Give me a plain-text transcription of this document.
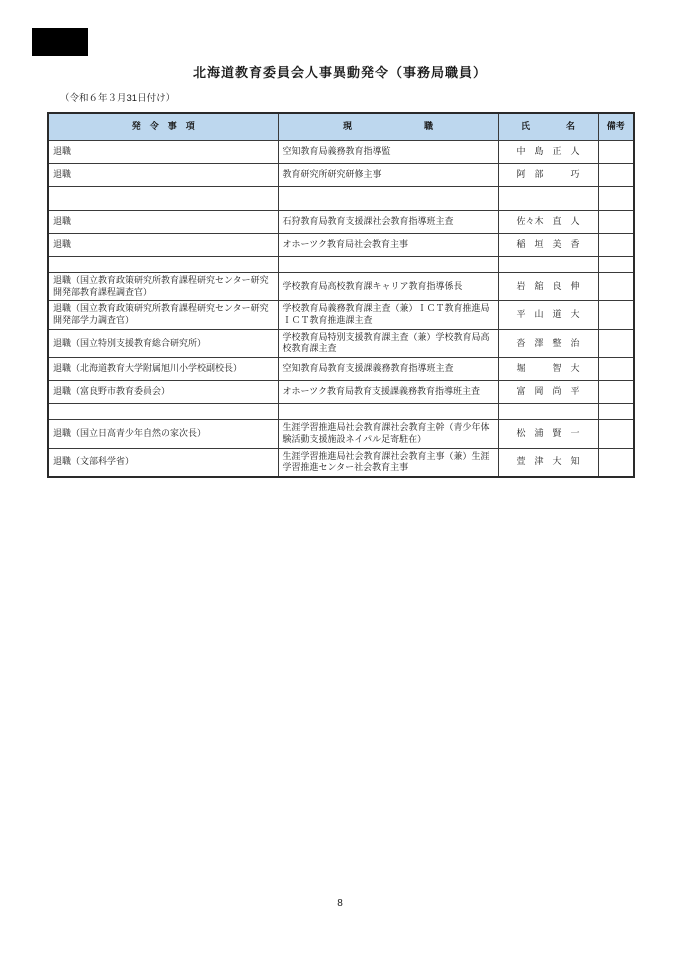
北海道教育委員会人事異動発令（事務局職員）
（令和６年３月31日付け）
発　令　事　項	現　　　　　　　　職	氏　　　　名	備考
退職	空知教育局義務教育指導監	中　島　正　人	
退職	教育研究所研究研修主事	阿　部　　　巧	

退職	石狩教育局教育支援課社会教育指導班主査	佐々木　直　人	
退職	オホーツク教育局社会教育主事	稲　垣　美　香	

退職（国立教育政策研究所教育課程研究センター研究開発部教育課程調査官）	学校教育局高校教育課キャリア教育指導係長	岩　舘　良　伸	
退職（国立教育政策研究所教育課程研究センター研究開発部学力調査官）	学校教育局義務教育課主査（兼）ＩＣＴ教育推進局ＩＣＴ教育推進課主査	平　山　道　大	
退職（国立特別支援教育総合研究所）	学校教育局特別支援教育課主査（兼）学校教育局高校教育課主査	沓　澤　整　治	
退職（北海道教育大学附属旭川小学校副校長）	空知教育局教育支援課義務教育指導班主査	堀　　　智　大	
退職（富良野市教育委員会）	オホーツク教育局教育支援課義務教育指導班主査	富　岡　尚　平	

退職（国立日高青少年自然の家次長）	生涯学習推進局社会教育課社会教育主幹（青少年体験活動支援施設ネイパル足寄駐在）	松　浦　賢　一	
退職（文部科学省）	生涯学習推進局社会教育課社会教育主事（兼）生涯学習推進センター社会教育主事	萱　津　大　知	
8
